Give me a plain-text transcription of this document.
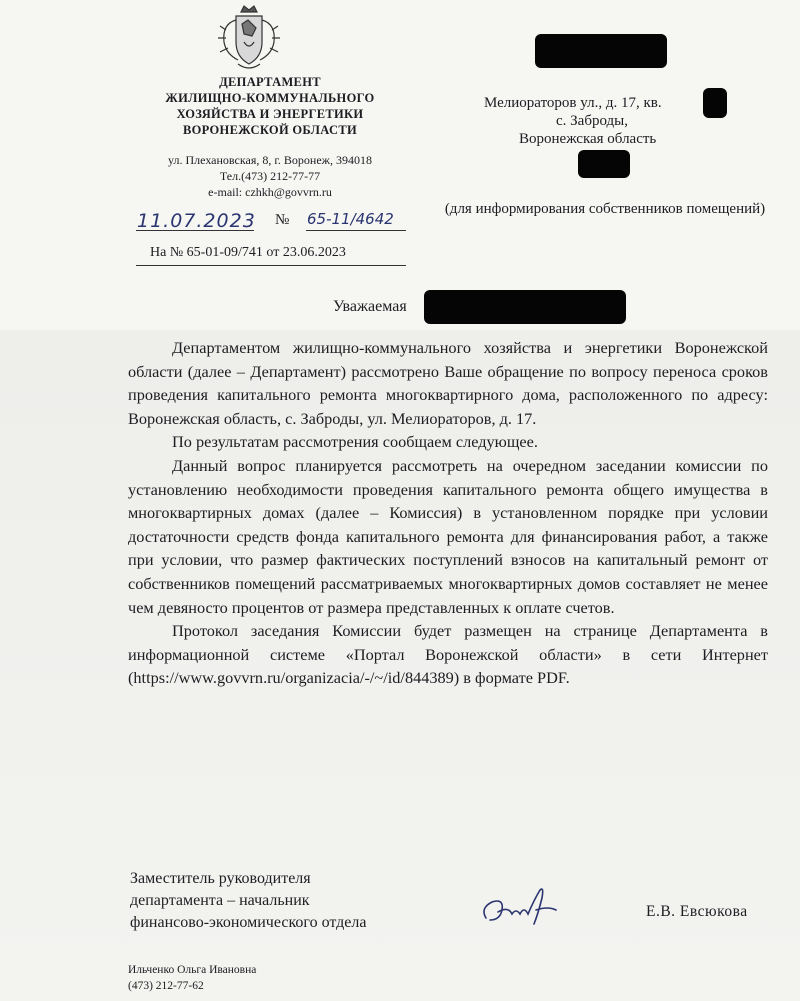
ДЕПАРТАМЕНТ
ЖИЛИЩНО-КОММУНАЛЬНОГО
ХОЗЯЙСТВА И ЭНЕРГЕТИКИ
ВОРОНЕЖСКОЙ ОБЛАСТИ
ул. Плехановская, 8, г. Воронеж, 394018
Тел.(473) 212-77-77
e-mail: czhkh@govvrn.ru
11.07.2023 № 65-11/4642
На № 65-01-09/741 от 23.06.2023
Мелиораторов ул., д. 17, кв.
с. Заброды,
Воронежская область
(для информирования собственников помещений)
Уважаемая

Департаментом жилищно-коммунального хозяйства и энергетики Воронежской области (далее – Департамент) рассмотрено Ваше обращение по вопросу переноса сроков проведения капитального ремонта многоквартирного дома, расположенного по адресу: Воронежская область, с. Заброды, ул. Мелиораторов, д. 17.

По результатам рассмотрения сообщаем следующее.

Данный вопрос планируется рассмотреть на очередном заседании комиссии по установлению необходимости проведения капитального ремонта общего имущества в многоквартирных домах (далее – Комиссия) в установленном порядке при условии достаточности средств фонда капитального ремонта для финансирования работ, а также при условии, что размер фактических поступлений взносов на капитальный ремонт от собственников помещений рассматриваемых многоквартирных домов составляет не менее чем девяносто процентов от размера представленных к оплате счетов.

Протокол заседания Комиссии будет размещен на странице Департамента в информационной системе «Портал Воронежской области» в сети Интернет (https://www.govvrn.ru/organizacia/-/~/id/844389) в формате PDF.

Заместитель руководителя
департамента – начальник
финансово-экономического отдела
Е.В. Евсюкова
Ильченко Ольга Ивановна
(473) 212-77-62
